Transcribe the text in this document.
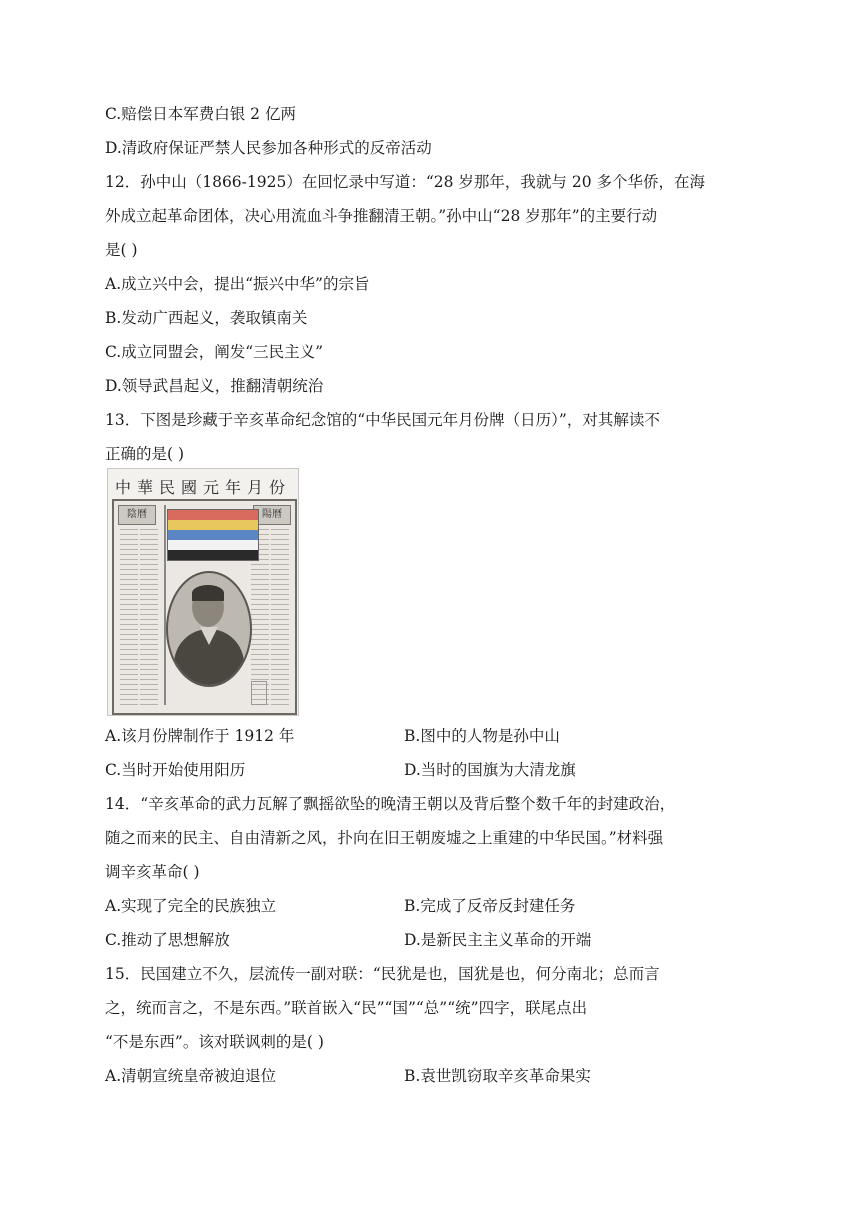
C.赔偿日本军费白银 2 亿两
D.清政府保证严禁人民参加各种形式的反帝活动
12．孙中山（1866-1925）在回忆录中写道：“28 岁那年，我就与 20 多个华侨，在海
外成立起革命团体，决心用流血斗争推翻清王朝。”孙中山“28 岁那年”的主要行动
是( )
A.成立兴中会，提出“振兴中华”的宗旨
B.发动广西起义，袭取镇南关
C.成立同盟会，阐发“三民主义”
D.领导武昌起义，推翻清朝统治
13．下图是珍藏于辛亥革命纪念馆的“中华民国元年月份牌（日历）”，对其解读不
正确的是( )
中華民國元年月份
陰曆	陽曆
A.该月份牌制作于 1912 年	B.图中的人物是孙中山
C.当时开始使用阳历	D.当时的国旗为大清龙旗
14．“辛亥革命的武力瓦解了飘摇欲坠的晚清王朝以及背后整个数千年的封建政治，
随之而来的民主、自由清新之风，扑向在旧王朝废墟之上重建的中华民国。”材料强
调辛亥革命( )
A.实现了完全的民族独立	B.完成了反帝反封建任务
C.推动了思想解放	D.是新民主主义革命的开端
15．民国建立不久，层流传一副对联：“民犹是也，国犹是也，何分南北；总而言
之，统而言之，不是东西。”联首嵌入“民”“国”“总”“统”四字，联尾点出
“不是东西”。该对联讽刺的是( )
A.清朝宣统皇帝被迫退位	B.袁世凯窃取辛亥革命果实
